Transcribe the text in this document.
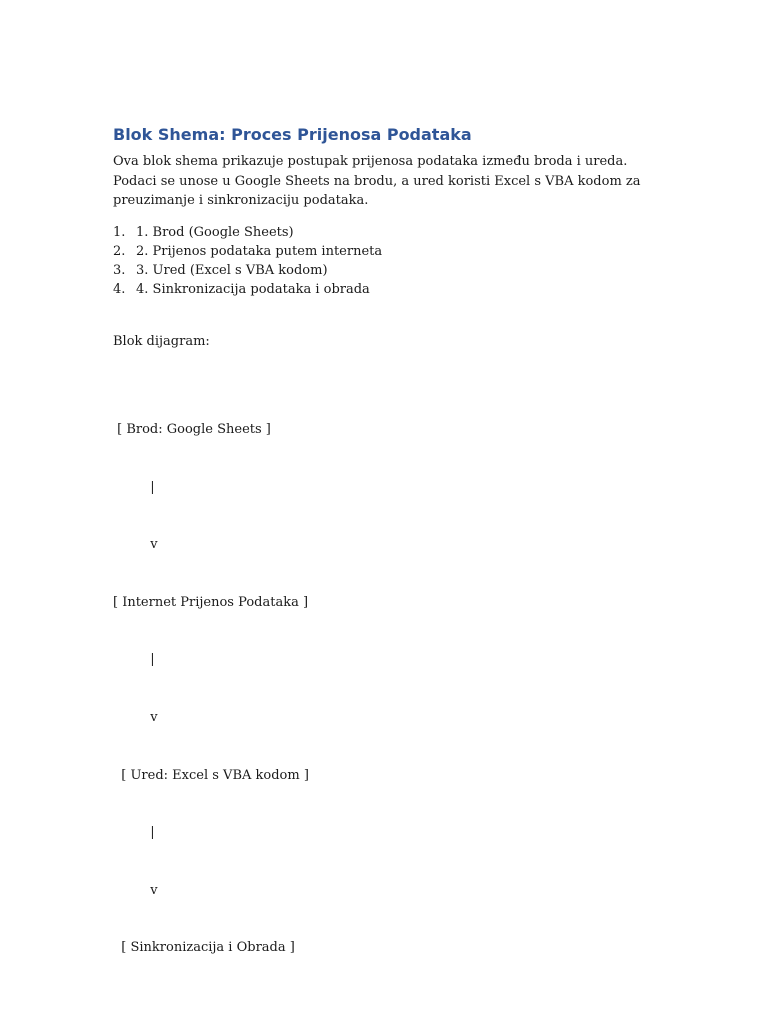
Blok Shema: Proces Prijenosa Podataka

Ova blok shema prikazuje postupak prijenosa podataka između broda i ureda. Podaci se unose u Google Sheets na brodu, a ured koristi Excel s VBA kodom za preuzimanje i sinkronizaciju podataka.

1. 1. Brod (Google Sheets)
2. 2. Prijenos podataka putem interneta
3. 3. Ured (Excel s VBA kodom)
4. 4. Sinkronizacija podataka i obrada
Blok dijagram:

[ Brod: Google Sheets ]

|

v

[ Internet Prijenos Podataka ]

|

v

[ Ured: Excel s VBA kodom ]

|

v

[ Sinkronizacija i Obrada ]
